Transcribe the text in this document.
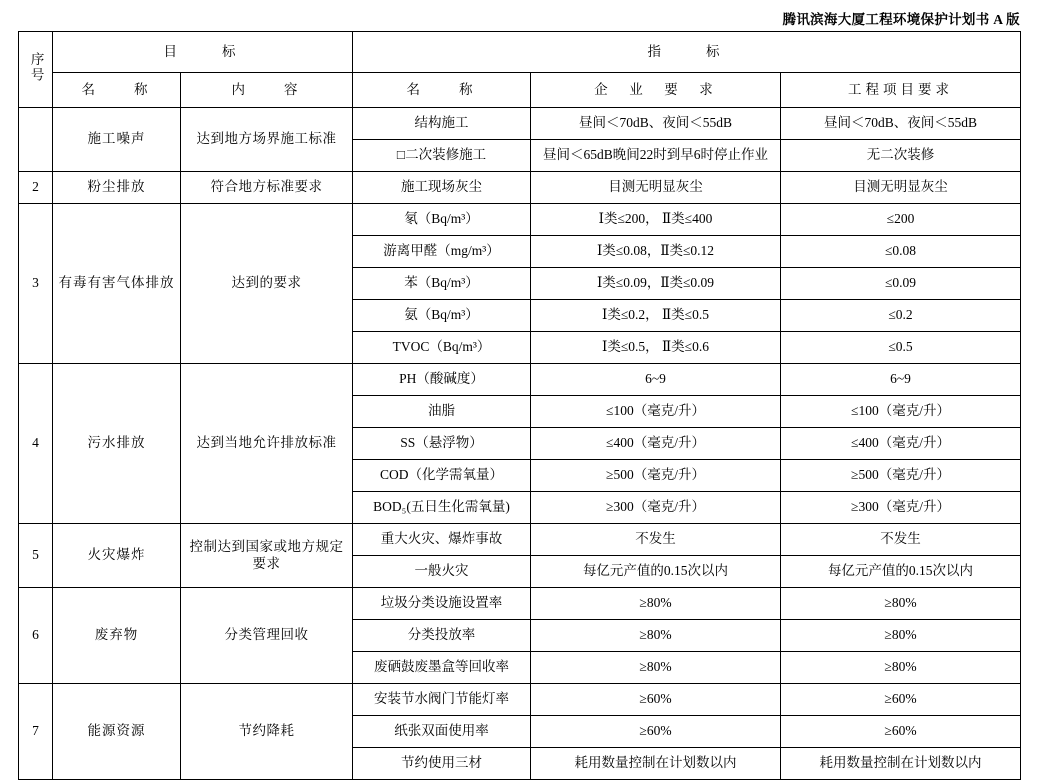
腾讯滨海大厦工程环境保护计划书 A 版
序号	目　　标		指　　标		
	名　　称	内　　容	名　　称	企　业　要　求	工程项目要求
	施工噪声	达到地方场界施工标准	结构施工	昼间＜70dB、夜间＜55dB	昼间＜70dB、夜间＜55dB
			□二次装修施工	昼间＜65dB晚间22时到早6时停止作业	无二次装修
2	粉尘排放	符合地方标准要求	施工现场灰尘	目测无明显灰尘	目测无明显灰尘
3	有毒有害气体排放	达到的要求	氡（Bq/m³）	Ⅰ类≤200， Ⅱ类≤400	≤200
			游离甲醛（mg/m³）	Ⅰ类≤0.08，Ⅱ类≤0.12	≤0.08
			苯（Bq/m³）	Ⅰ类≤0.09，Ⅱ类≤0.09	≤0.09
			氨（Bq/m³）	Ⅰ类≤0.2， Ⅱ类≤0.5	≤0.2
			TVOC（Bq/m³）	Ⅰ类≤0.5， Ⅱ类≤0.6	≤0.5
4	污水排放	达到当地允许排放标准	PH（酸碱度）	6~9	6~9
			油脂	≤100（毫克/升）	≤100（毫克/升）
			SS（悬浮物）	≤400（毫克/升）	≤400（毫克/升）
			COD（化学需氧量）	≥500（毫克/升）	≥500（毫克/升）
			BOD₅(五日生化需氧量)	≥300（毫克/升）	≥300（毫克/升）
5	火灾爆炸	控制达到国家或地方规定要求	重大火灾、爆炸事故	不发生	不发生
			一般火灾	每亿元产值的0.15次以内	每亿元产值的0.15次以内
6	废弃物	分类管理回收	垃圾分类设施设置率	≥80%	≥80%
			分类投放率	≥80%	≥80%
			废硒鼓废墨盒等回收率	≥80%	≥80%
7	能源资源	节约降耗	安装节水阀门节能灯率	≥60%	≥60%
			纸张双面使用率	≥60%	≥60%
			节约使用三材	耗用数量控制在计划数以内	耗用数量控制在计划数以内
